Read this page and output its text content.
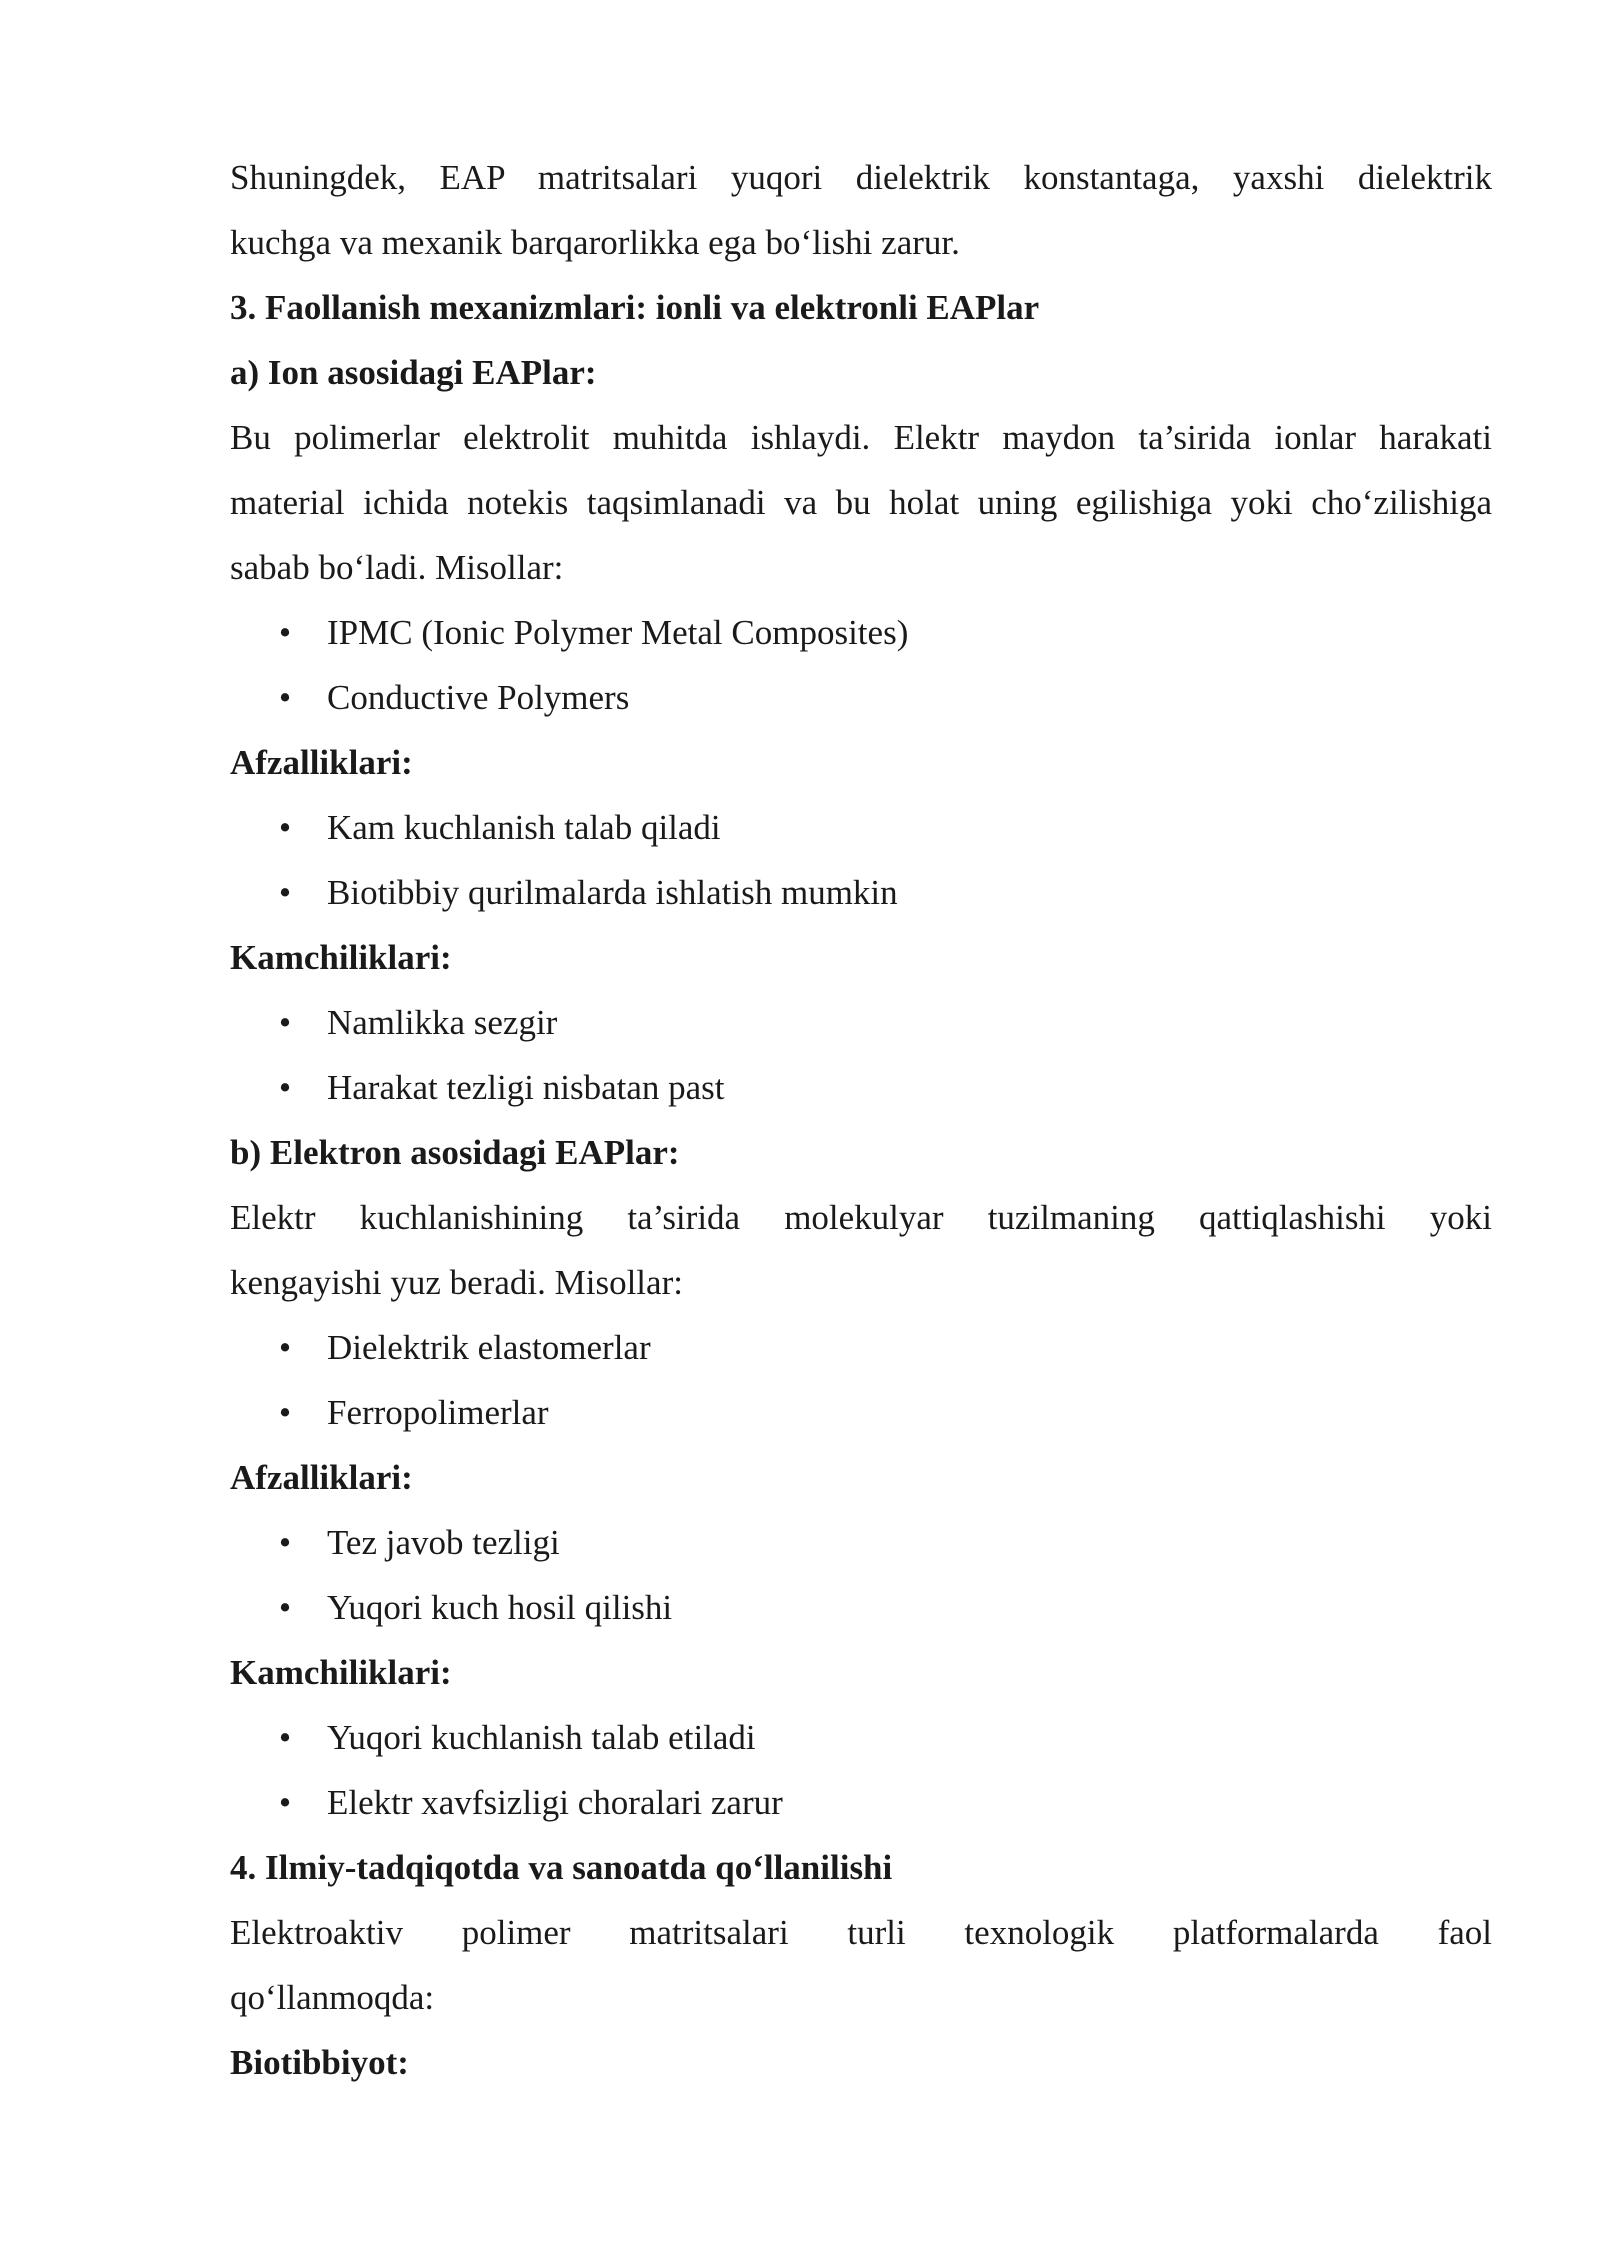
Shuningdek, EAP matritsalari yuqori dielektrik konstantaga, yaxshi dielektrik
kuchga va mexanik barqarorlikka ega bo‘lishi zarur.
3. Faollanish mexanizmlari: ionli va elektronli EAPlar
a) Ion asosidagi EAPlar:
Bu polimerlar elektrolit muhitda ishlaydi. Elektr maydon ta’sirida ionlar harakati
material ichida notekis taqsimlanadi va bu holat uning egilishiga yoki cho‘zilishiga
sabab bo‘ladi. Misollar:
• IPMC (Ionic Polymer Metal Composites)
• Conductive Polymers
Afzalliklari:
• Kam kuchlanish talab qiladi
• Biotibbiy qurilmalarda ishlatish mumkin
Kamchiliklari:
• Namlikka sezgir
• Harakat tezligi nisbatan past
b) Elektron asosidagi EAPlar:
Elektr kuchlanishining ta’sirida molekulyar tuzilmaning qattiqlashishi yoki
kengayishi yuz beradi. Misollar:
• Dielektrik elastomerlar
• Ferropolimerlar
Afzalliklari:
• Tez javob tezligi
• Yuqori kuch hosil qilishi
Kamchiliklari:
• Yuqori kuchlanish talab etiladi
• Elektr xavfsizligi choralari zarur
4. Ilmiy-tadqiqotda va sanoatda qo‘llanilishi
Elektroaktiv polimer matritsalari turli texnologik platformalarda faol
qo‘llanmoqda:
Biotibbiyot:
